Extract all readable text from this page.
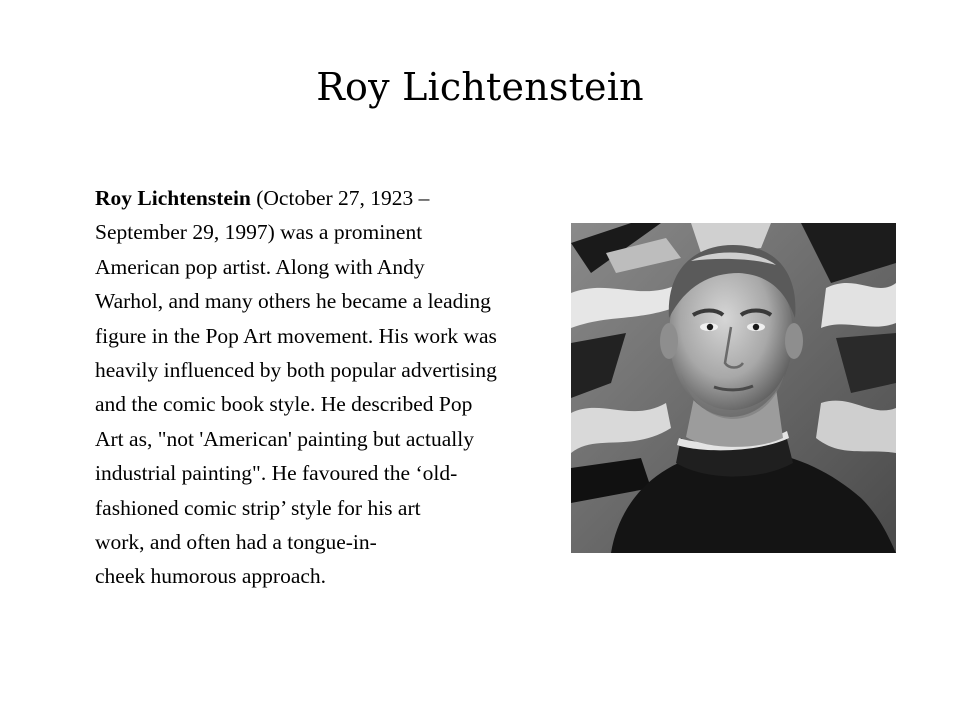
Roy Lichtenstein
Roy Lichtenstein (October 27, 1923 –
September 29, 1997) was a prominent
American pop artist. Along with Andy
Warhol, and many others he became a leading
figure in the Pop Art movement. His work was
heavily influenced by both popular advertising
and the comic book style. He described Pop
Art as, "not 'American' painting but actually
industrial painting". He favoured the ‘old-
fashioned comic strip’ style for his art
work, and often had a tongue-in-
cheek humorous approach.
